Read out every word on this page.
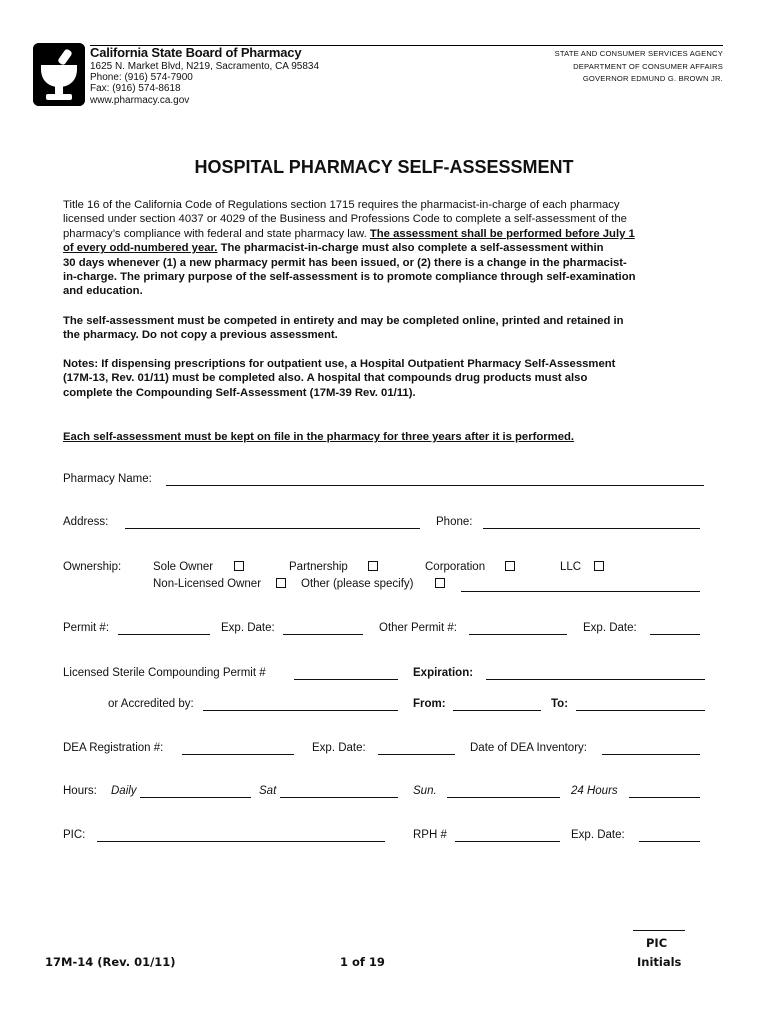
California State Board of Pharmacy
1625 N. Market Blvd, N219, Sacramento, CA 95834
Phone: (916) 574-7900
Fax: (916) 574-8618
www.pharmacy.ca.gov
STATE AND CONSUMER SERVICES AGENCY
DEPARTMENT OF CONSUMER AFFAIRS
GOVERNOR EDMUND G. BROWN JR.
HOSPITAL PHARMACY SELF-ASSESSMENT
Title 16 of the California Code of Regulations section 1715 requires the pharmacist-in-charge of each pharmacy
licensed under section 4037 or 4029 of the Business and Professions Code to complete a self-assessment of the
pharmacy’s compliance with federal and state pharmacy law. The assessment shall be performed before July 1
of every odd-numbered year. The pharmacist-in-charge must also complete a self-assessment within
30 days whenever (1) a new pharmacy permit has been issued, or (2) there is a change in the pharmacist-
in-charge. The primary purpose of the self-assessment is to promote compliance through self-examination
and education.
The self-assessment must be competed in entirety and may be completed online, printed and retained in
the pharmacy. Do not copy a previous assessment.
Notes: If dispensing prescriptions for outpatient use, a Hospital Outpatient Pharmacy Self-Assessment
(17M-13, Rev. 01/11) must be completed also. A hospital that compounds drug products must also
complete the Compounding Self-Assessment (17M-39 Rev. 01/11).
Each self-assessment must be kept on file in the pharmacy for three years after it is performed.
Pharmacy Name:
Address:	Phone:
Ownership:	Sole Owner	Partnership	Corporation	LLC
Non-Licensed Owner	Other (please specify)
Permit #:	Exp. Date:	Other Permit #:	Exp. Date:
Licensed Sterile Compounding Permit #	Expiration:
or Accredited by:	From:	To:
DEA Registration #:	Exp. Date:	Date of DEA Inventory:
Hours: Daily	Sat	Sun.	24 Hours
PIC:	RPH #	Exp. Date:
17M-14 (Rev. 01/11)	1 of 19
PIC
Initials
